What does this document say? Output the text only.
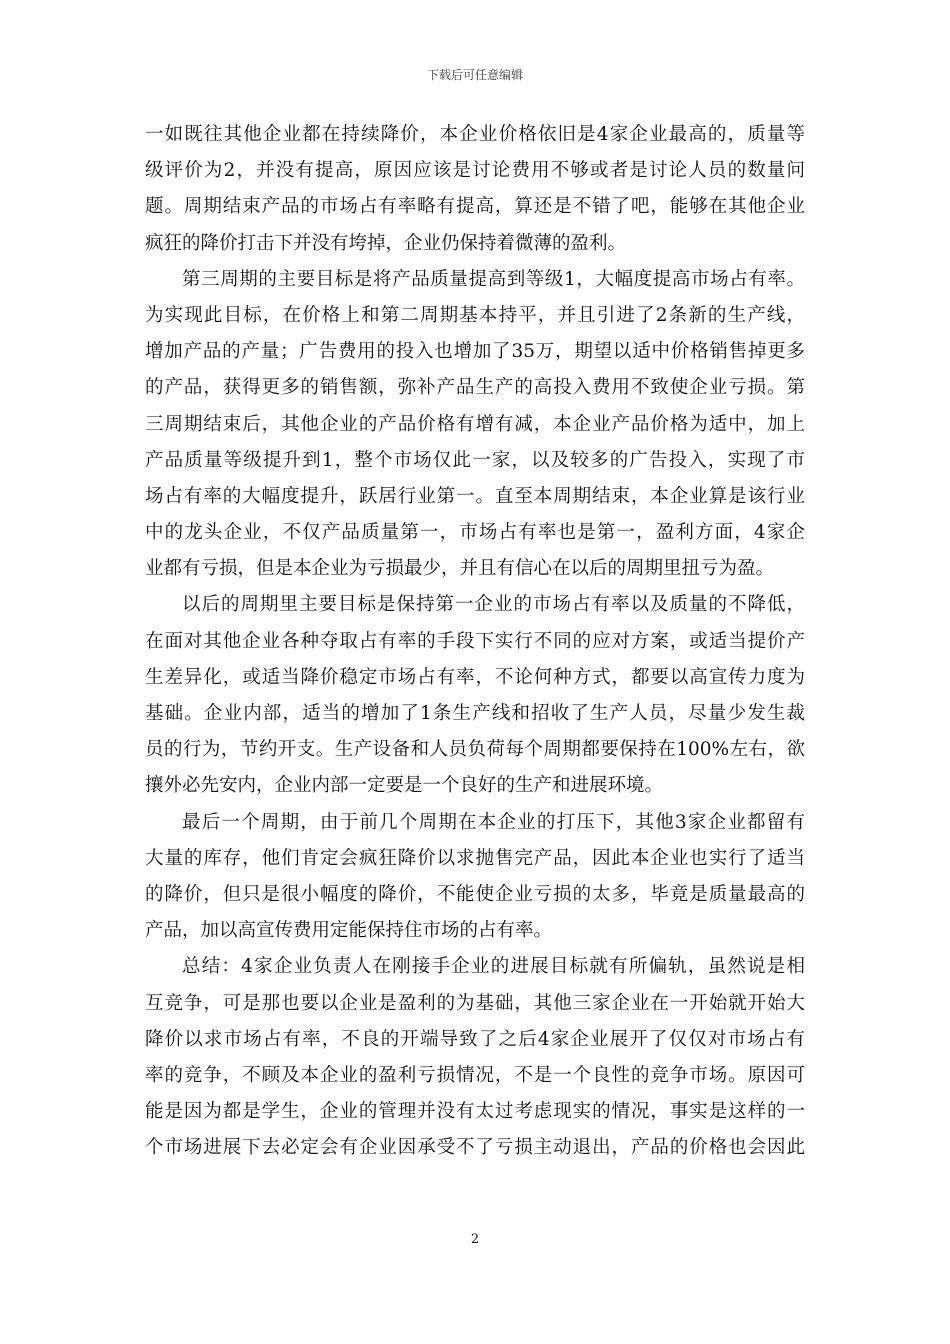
下载后可任意编辑
一如既往其他企业都在持续降价，本企业价格依旧是4家企业最高的，质量等
级评价为2，并没有提高，原因应该是讨论费用不够或者是讨论人员的数量问
题。周期结束产品的市场占有率略有提高，算还是不错了吧，能够在其他企业
疯狂的降价打击下并没有垮掉，企业仍保持着微薄的盈利。
第三周期的主要目标是将产品质量提高到等级1，大幅度提高市场占有率。
为实现此目标，在价格上和第二周期基本持平，并且引进了2条新的生产线，
增加产品的产量；广告费用的投入也增加了35万，期望以适中价格销售掉更多
的产品，获得更多的销售额，弥补产品生产的高投入费用不致使企业亏损。第
三周期结束后，其他企业的产品价格有增有减，本企业产品价格为适中，加上
产品质量等级提升到1，整个市场仅此一家，以及较多的广告投入，实现了市
场占有率的大幅度提升，跃居行业第一。直至本周期结束，本企业算是该行业
中的龙头企业，不仅产品质量第一，市场占有率也是第一，盈利方面，4家企
业都有亏损，但是本企业为亏损最少，并且有信心在以后的周期里扭亏为盈。
以后的周期里主要目标是保持第一企业的市场占有率以及质量的不降低，
在面对其他企业各种夺取占有率的手段下实行不同的应对方案，或适当提价产
生差异化，或适当降价稳定市场占有率，不论何种方式，都要以高宣传力度为
基础。企业内部，适当的增加了1条生产线和招收了生产人员，尽量少发生裁
员的行为，节约开支。生产设备和人员负荷每个周期都要保持在100%左右，欲
攘外必先安内，企业内部一定要是一个良好的生产和进展环境。
最后一个周期，由于前几个周期在本企业的打压下，其他3家企业都留有
大量的库存，他们肯定会疯狂降价以求抛售完产品，因此本企业也实行了适当
的降价，但只是很小幅度的降价，不能使企业亏损的太多，毕竟是质量最高的
产品，加以高宣传费用定能保持住市场的占有率。
总结：4家企业负责人在刚接手企业的进展目标就有所偏轨，虽然说是相
互竞争，可是那也要以企业是盈利的为基础，其他三家企业在一开始就开始大
降价以求市场占有率，不良的开端导致了之后4家企业展开了仅仅对市场占有
率的竞争，不顾及本企业的盈利亏损情况，不是一个良性的竞争市场。原因可
能是因为都是学生，企业的管理并没有太过考虑现实的情况，事实是这样的一
个市场进展下去必定会有企业因承受不了亏损主动退出，产品的价格也会因此
2
